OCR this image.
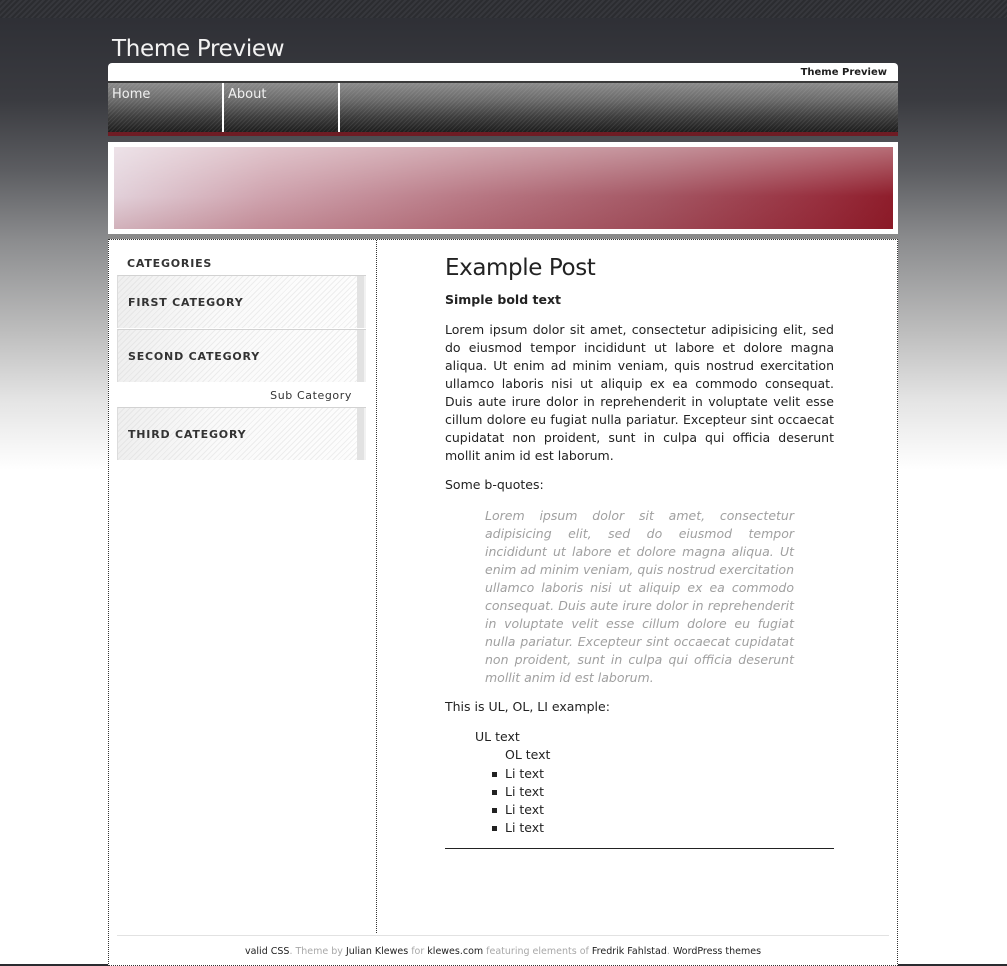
Theme Preview
Theme Preview
Home	About
CATEGORIES
FIRST CATEGORY
SECOND CATEGORY
Sub Category
THIRD CATEGORY
Example Post
Simple bold text
Lorem ipsum dolor sit amet, consectetur adipisicing elit, sed do eiusmod tempor incididunt ut labore et dolore magna aliqua. Ut enim ad minim veniam, quis nostrud exercitation ullamco laboris nisi ut aliquip ex ea commodo consequat. Duis aute irure dolor in reprehenderit in voluptate velit esse cillum dolore eu fugiat nulla pariatur. Excepteur sint occaecat cupidatat non proident, sunt in culpa qui officia deserunt mollit anim id est laborum.
Some b-quotes:
Lorem ipsum dolor sit amet, consectetur adipisicing elit, sed do eiusmod tempor incididunt ut labore et dolore magna aliqua. Ut enim ad minim veniam, quis nostrud exercitation ullamco laboris nisi ut aliquip ex ea commodo consequat. Duis aute irure dolor in reprehenderit in voluptate velit esse cillum dolore eu fugiat nulla pariatur. Excepteur sint occaecat cupidatat non proident, sunt in culpa qui officia deserunt mollit anim id est laborum.
This is UL, OL, LI example:
UL text
OL text
Li text
Li text
Li text
Li text
valid CSS. Theme by Julian Klewes for klewes.com featuring elements of Fredrik Fahlstad. WordPress themes
